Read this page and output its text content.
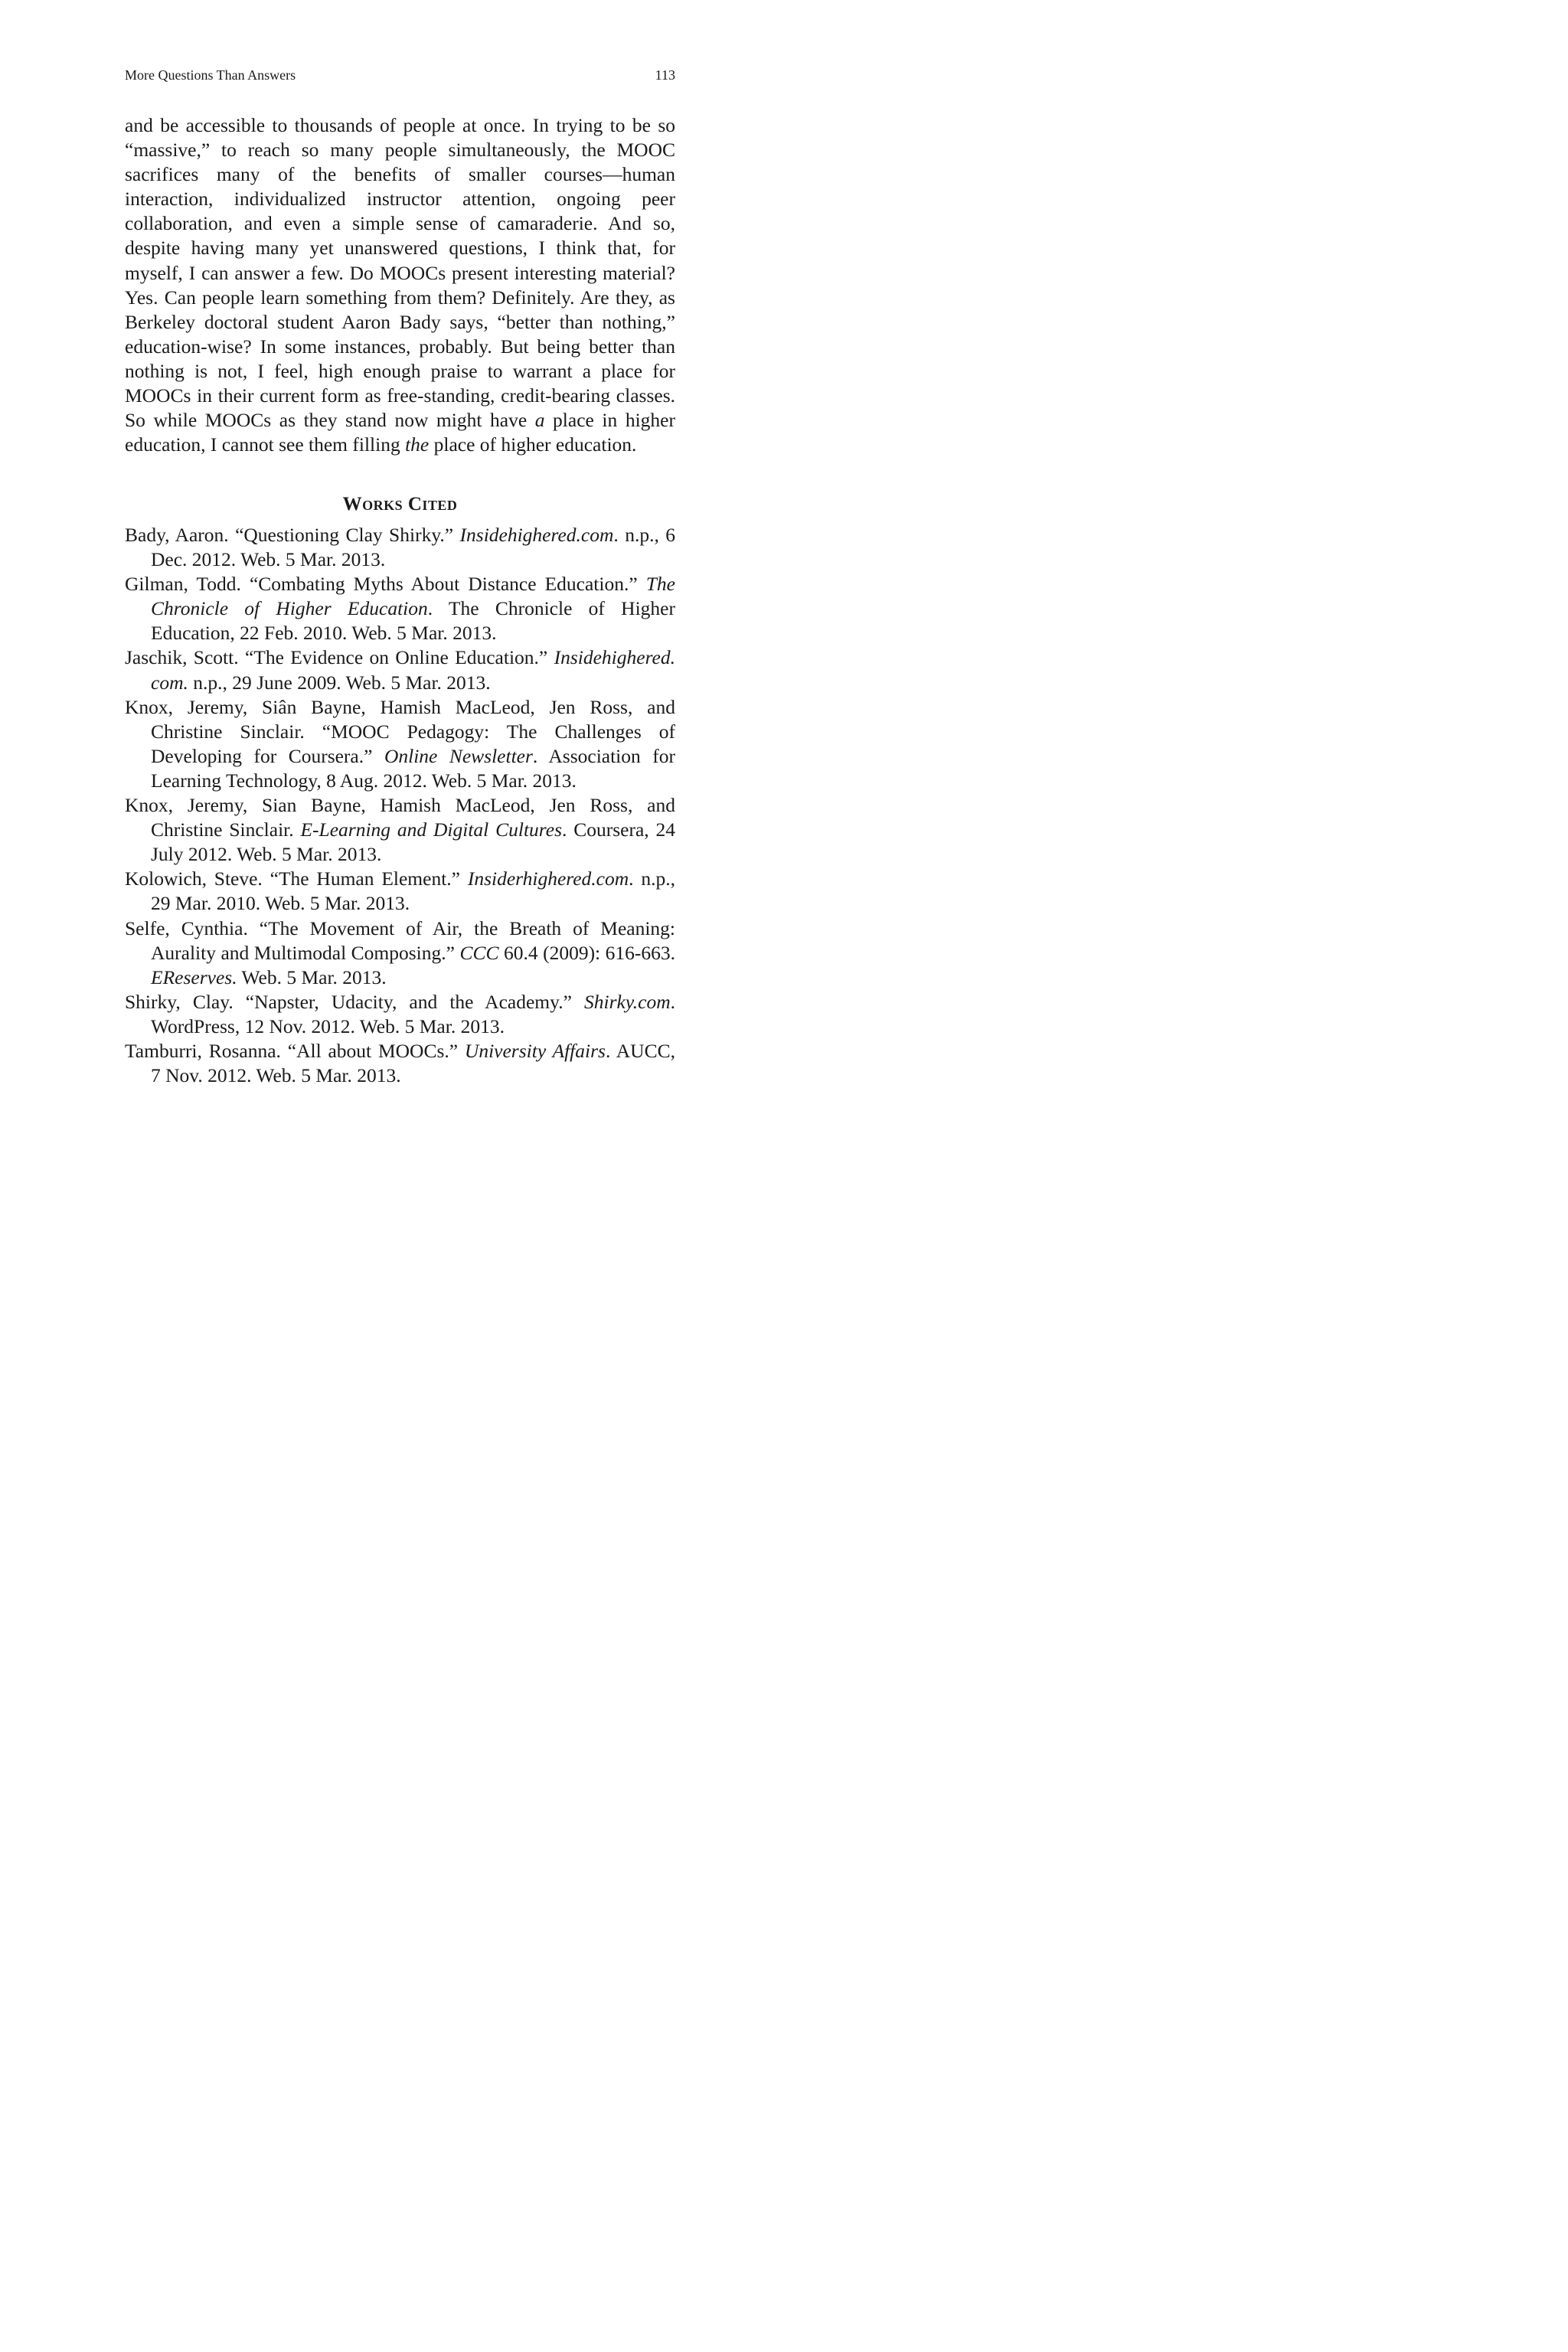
More Questions Than Answers	113

and be accessible to thousands of people at once. In trying to be so “massive,” to reach so many people simultaneously, the MOOC sacrifices many of the benefits of smaller courses—human interaction, individualized instructor attention, ongoing peer collaboration, and even a simple sense of camaraderie. And so, despite having many yet unanswered questions, I think that, for myself, I can answer a few. Do MOOCs present interesting material? Yes. Can people learn something from them? Definitely. Are they, as Berkeley doctoral student Aaron Bady says, “better than nothing,” education-wise? In some instances, probably. But being better than nothing is not, I feel, high enough praise to warrant a place for MOOCs in their current form as free-standing, credit-bearing classes. So while MOOCs as they stand now might have a place in higher education, I cannot see them filling the place of higher education.

Works Cited
Bady, Aaron. “Questioning Clay Shirky.” Insidehighered.com. n.p., 6 Dec. 2012. Web. 5 Mar. 2013.
Gilman, Todd. “Combating Myths About Distance Education.” The Chronicle of Higher Education. The Chronicle of Higher Education, 22 Feb. 2010. Web. 5 Mar. 2013.
Jaschik, Scott. “The Evidence on Online Education.” Insidehighered. com. n.p., 29 June 2009. Web. 5 Mar. 2013.
Knox, Jeremy, Siân Bayne, Hamish MacLeod, Jen Ross, and Christine Sinclair. “MOOC Pedagogy: The Challenges of Developing for Coursera.” Online Newsletter. Association for Learning Technology, 8 Aug. 2012. Web. 5 Mar. 2013.
Knox, Jeremy, Sian Bayne, Hamish MacLeod, Jen Ross, and Christine Sinclair. E-Learning and Digital Cultures. Coursera, 24 July 2012. Web. 5 Mar. 2013.
Kolowich, Steve. “The Human Element.” Insiderhighered.com. n.p., 29 Mar. 2010. Web. 5 Mar. 2013.
Selfe, Cynthia. “The Movement of Air, the Breath of Meaning: Aurality and Multimodal Composing.” CCC 60.4 (2009): 616-663. EReserves. Web. 5 Mar. 2013.
Shirky, Clay. “Napster, Udacity, and the Academy.” Shirky.com. WordPress, 12 Nov. 2012. Web. 5 Mar. 2013.
Tamburri, Rosanna. “All about MOOCs.” University Affairs. AUCC, 7 Nov. 2012. Web. 5 Mar. 2013.
